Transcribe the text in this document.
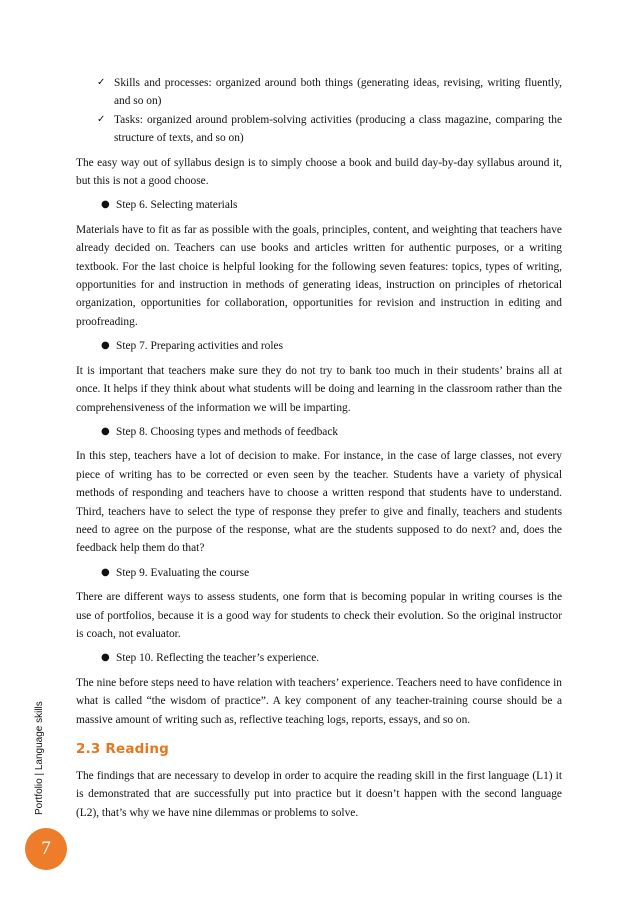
✓ Skills and processes: organized around both things (generating ideas, revising, writing fluently, and so on)
✓ Tasks: organized around problem-solving activities (producing a class magazine, comparing the structure of texts, and so on)

The easy way out of syllabus design is to simply choose a book and build day-by-day syllabus around it, but this is not a good choose.

● Step 6. Selecting materials

Materials have to fit as far as possible with the goals, principles, content, and weighting that teachers have already decided on. Teachers can use books and articles written for authentic purposes, or a writing textbook. For the last choice is helpful looking for the following seven features: topics, types of writing, opportunities for and instruction in methods of generating ideas, instruction on principles of rhetorical organization, opportunities for collaboration, opportunities for revision and instruction in editing and proofreading.

● Step 7. Preparing activities and roles

It is important that teachers make sure they do not try to bank too much in their students’ brains all at once. It helps if they think about what students will be doing and learning in the classroom rather than the comprehensiveness of the information we will be imparting.

● Step 8. Choosing types and methods of feedback

In this step, teachers have a lot of decision to make. For instance, in the case of large classes, not every piece of writing has to be corrected or even seen by the teacher. Students have a variety of physical methods of responding and teachers have to choose a written respond that students have to understand. Third, teachers have to select the type of response they prefer to give and finally, teachers and students need to agree on the purpose of the response, what are the students supposed to do next? and, does the feedback help them do that?

● Step 9. Evaluating the course

There are different ways to assess students, one form that is becoming popular in writing courses is the use of portfolios, because it is a good way for students to check their evolution. So the original instructor is coach, not evaluator.

● Step 10. Reflecting the teacher’s experience.

The nine before steps need to have relation with teachers’ experience. Teachers need to have confidence in what is called “the wisdom of practice”. A key component of any teacher-training course should be a massive amount of writing such as, reflective teaching logs, reports, essays, and so on.

2.3 Reading

The findings that are necessary to develop in order to acquire the reading skill in the first language (L1) it is demonstrated that are successfully put into practice but it doesn’t happen with the second language (L2), that’s why we have nine dilemmas or problems to solve.

Portfolio | Language skills
7
